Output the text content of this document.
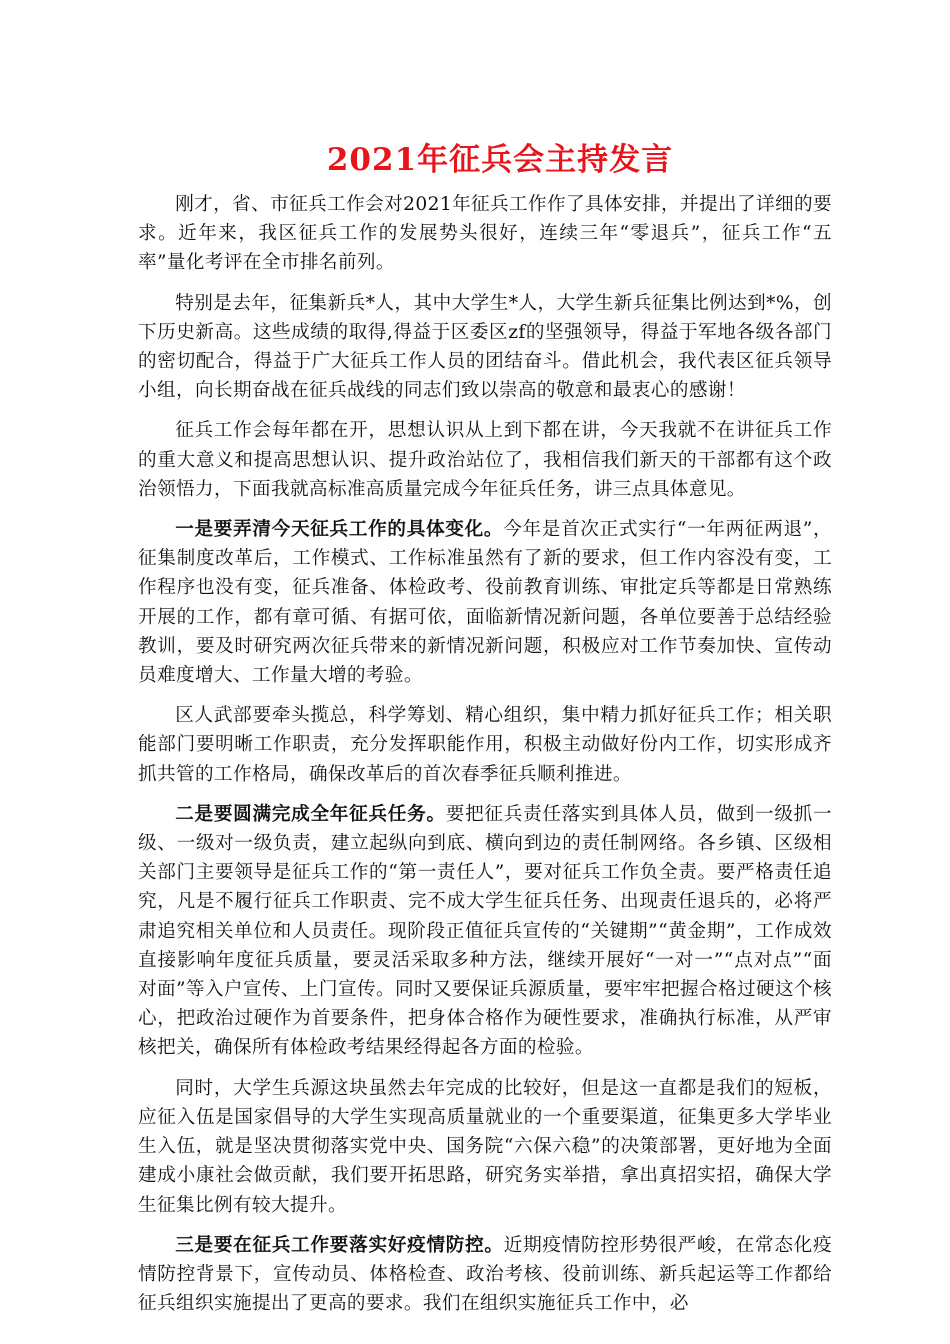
2021年征兵会主持发言

刚才，省、市征兵工作会对2021年征兵工作作了具体安排，并提出了详细的要求。近年来，我区征兵工作的发展势头很好，连续三年“零退兵”，征兵工作“五率”量化考评在全市排名前列。

特别是去年，征集新兵*人，其中大学生*人，大学生新兵征集比例达到*%，创下历史新高。这些成绩的取得,得益于区委区zf的坚强领导，得益于军地各级各部门的密切配合，得益于广大征兵工作人员的团结奋斗。借此机会，我代表区征兵领导小组，向长期奋战在征兵战线的同志们致以崇高的敬意和最衷心的感谢！

征兵工作会每年都在开，思想认识从上到下都在讲，今天我就不在讲征兵工作的重大意义和提高思想认识、提升政治站位了，我相信我们新天的干部都有这个政治领悟力，下面我就高标准高质量完成今年征兵任务，讲三点具体意见。

一是要弄清今天征兵工作的具体变化。今年是首次正式实行“一年两征两退”，征集制度改革后，工作模式、工作标准虽然有了新的要求，但工作内容没有变，工作程序也没有变，征兵准备、体检政考、役前教育训练、审批定兵等都是日常熟练开展的工作，都有章可循、有据可依，面临新情况新问题，各单位要善于总结经验教训，要及时研究两次征兵带来的新情况新问题，积极应对工作节奏加快、宣传动员难度增大、工作量大增的考验。

区人武部要牵头揽总，科学筹划、精心组织，集中精力抓好征兵工作；相关职能部门要明晰工作职责，充分发挥职能作用，积极主动做好份内工作，切实形成齐抓共管的工作格局，确保改革后的首次春季征兵顺利推进。

二是要圆满完成全年征兵任务。要把征兵责任落实到具体人员，做到一级抓一级、一级对一级负责，建立起纵向到底、横向到边的责任制网络。各乡镇、区级相关部门主要领导是征兵工作的“第一责任人”，要对征兵工作负全责。要严格责任追究，凡是不履行征兵工作职责、完不成大学生征兵任务、出现责任退兵的，必将严肃追究相关单位和人员责任。现阶段正值征兵宣传的“关键期”“黄金期”，工作成效直接影响年度征兵质量，要灵活采取多种方法，继续开展好“一对一”“点对点”“面对面”等入户宣传、上门宣传。同时又要保证兵源质量，要牢牢把握合格过硬这个核心，把政治过硬作为首要条件，把身体合格作为硬性要求，准确执行标准，从严审核把关，确保所有体检政考结果经得起各方面的检验。

同时，大学生兵源这块虽然去年完成的比较好，但是这一直都是我们的短板，应征入伍是国家倡导的大学生实现高质量就业的一个重要渠道，征集更多大学毕业生入伍，就是坚决贯彻落实党中央、国务院“六保六稳”的决策部署，更好地为全面建成小康社会做贡献，我们要开拓思路，研究务实举措，拿出真招实招，确保大学生征集比例有较大提升。

三是要在征兵工作要落实好疫情防控。近期疫情防控形势很严峻，在常态化疫情防控背景下，宣传动员、体格检查、政治考核、役前训练、新兵起运等工作都给征兵组织实施提出了更高的要求。我们在组织实施征兵工作中，必
